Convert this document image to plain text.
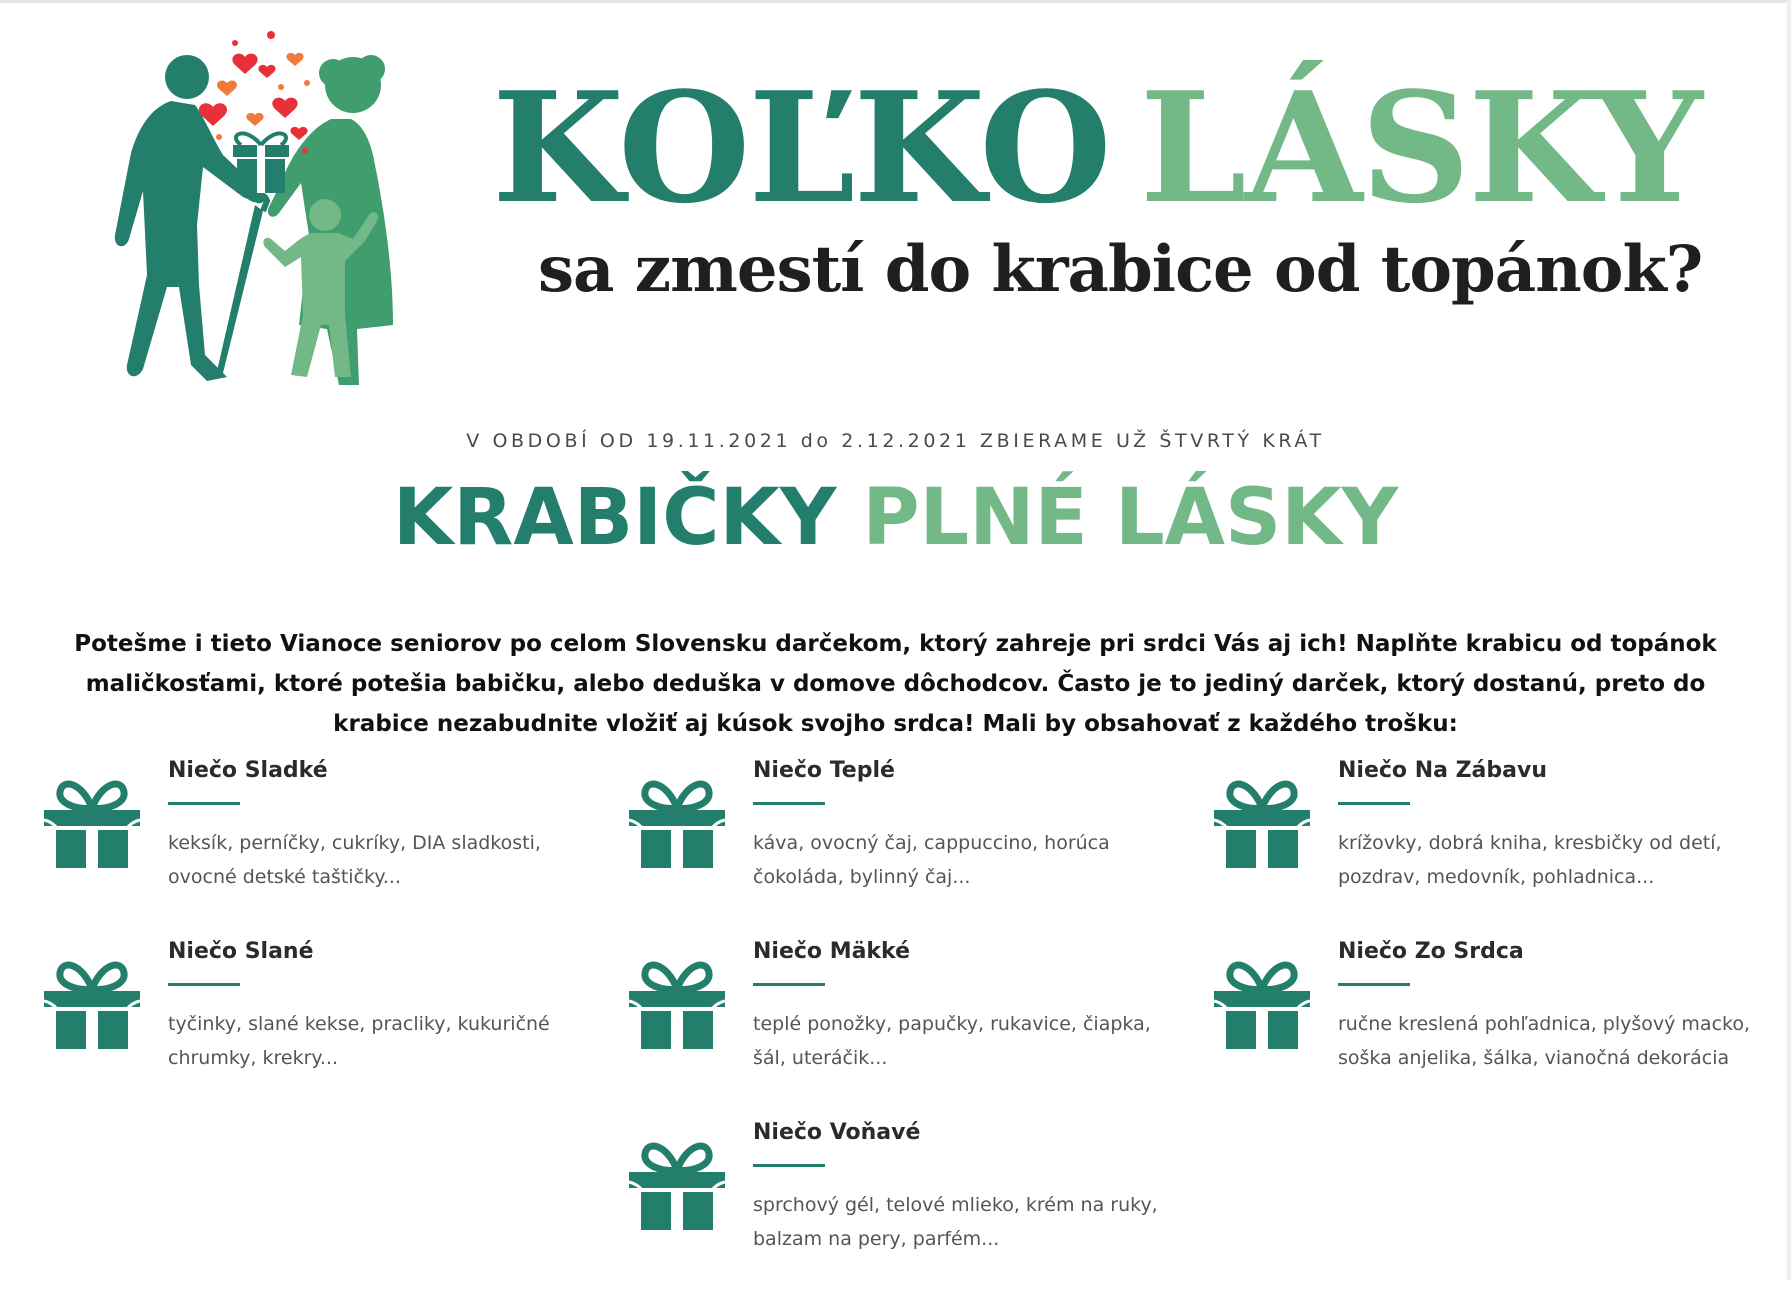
KOĽKO LÁSKY
sa zmestí do krabice od topánok?
V OBDOBÍ OD 19.11.2021 do 2.12.2021 ZBIERAME UŽ ŠTVRTÝ KRÁT
KRABIČKY PLNÉ LÁSKY
Potešme i tieto Vianoce seniorov po celom Slovensku darčekom, ktorý zahreje pri srdci Vás aj ich! Naplňte krabicu od topánok maličkosťami, ktoré potešia babičku, alebo deduška v domove dôchodcov. Často je to jediný darček, ktorý dostanú, preto do krabice nezabudnite vložiť aj kúsok svojho srdca! Mali by obsahovať z každého trošku:
Niečo Sladké
keksík, perníčky, cukríky, DIA sladkosti, ovocné detské taštičky...
Niečo Teplé
káva, ovocný čaj, cappuccino, horúca čokoláda, bylinný čaj...
Niečo Na Zábavu
krížovky, dobrá kniha, kresbičky od detí, pozdrav, medovník, pohladnica...
Niečo Slané
tyčinky, slané kekse, pracliky, kukuričné chrumky, krekry...
Niečo Mäkké
teplé ponožky, papučky, rukavice, čiapka, šál, uteráčik...
Niečo Zo Srdca
ručne kreslená pohľadnica, plyšový macko, soška anjelika, šálka, vianočná dekorácia
Niečo Voňavé
sprchový gél, telové mlieko, krém na ruky, balzam na pery, parfém...
